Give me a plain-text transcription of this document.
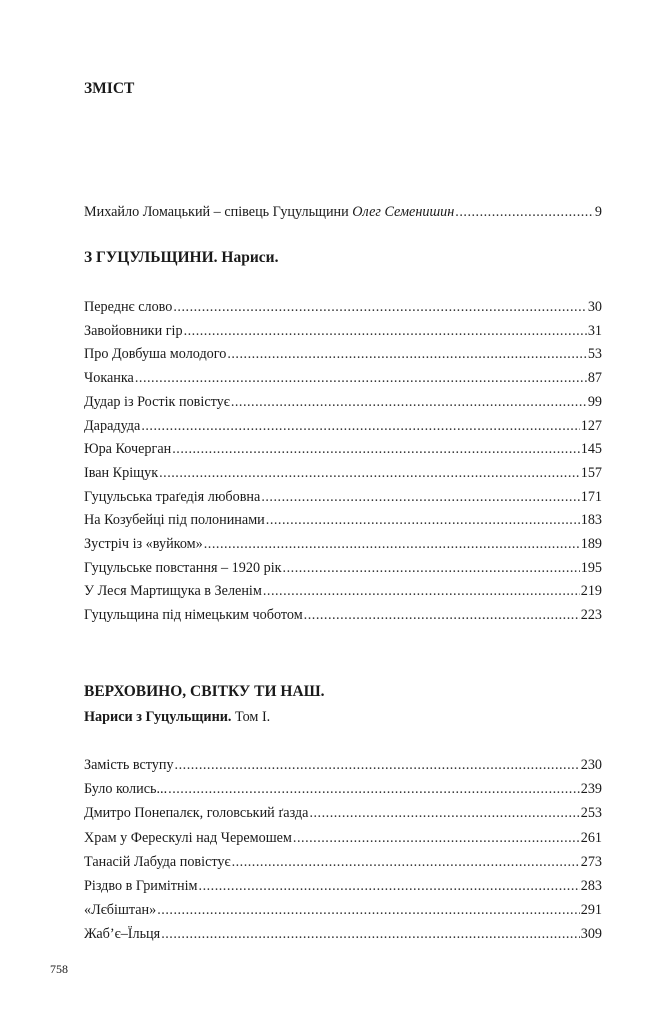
ЗМІСТ
Михайло Ломацький – співець Гуцульщини Олег Семенишин .....	9
З ГУЦУЛЬЩИНИ. Нариси.
Переднє слово .....	30
Завойовники гір .....	31
Про Довбуша молодого .....	53
Чоканка .....	87
Дудар із Ростік повістує .....	99
Дарадуда .....	127
Юра Кочерган .....	145
Іван Кріщук .....	157
Гуцульська траґедія любовна .....	171
На Козубейці під полонинами .....	183
Зустріч із «вуйком» .....	189
Гуцульське повстання – 1920 рік .....	195
У Леся Мартищука в Зеленім .....	219
Гуцульщина під німецьким чоботом .....	223
ВЕРХОВИНО, СВІТКУ ТИ НАШ.
Нариси з Гуцульщини. Том І.
Замість вступу .....	230
Було колись... .....	239
Дмитро Понепалєк, головський ґазда .....	253
Храм у Ферескулі над Черемошем .....	261
Танасій Лабуда повістує .....	273
Різдво в Гримітнім .....	283
«Лєбіштан» .....	291
Жаб’є–Їльця .....	309
758
